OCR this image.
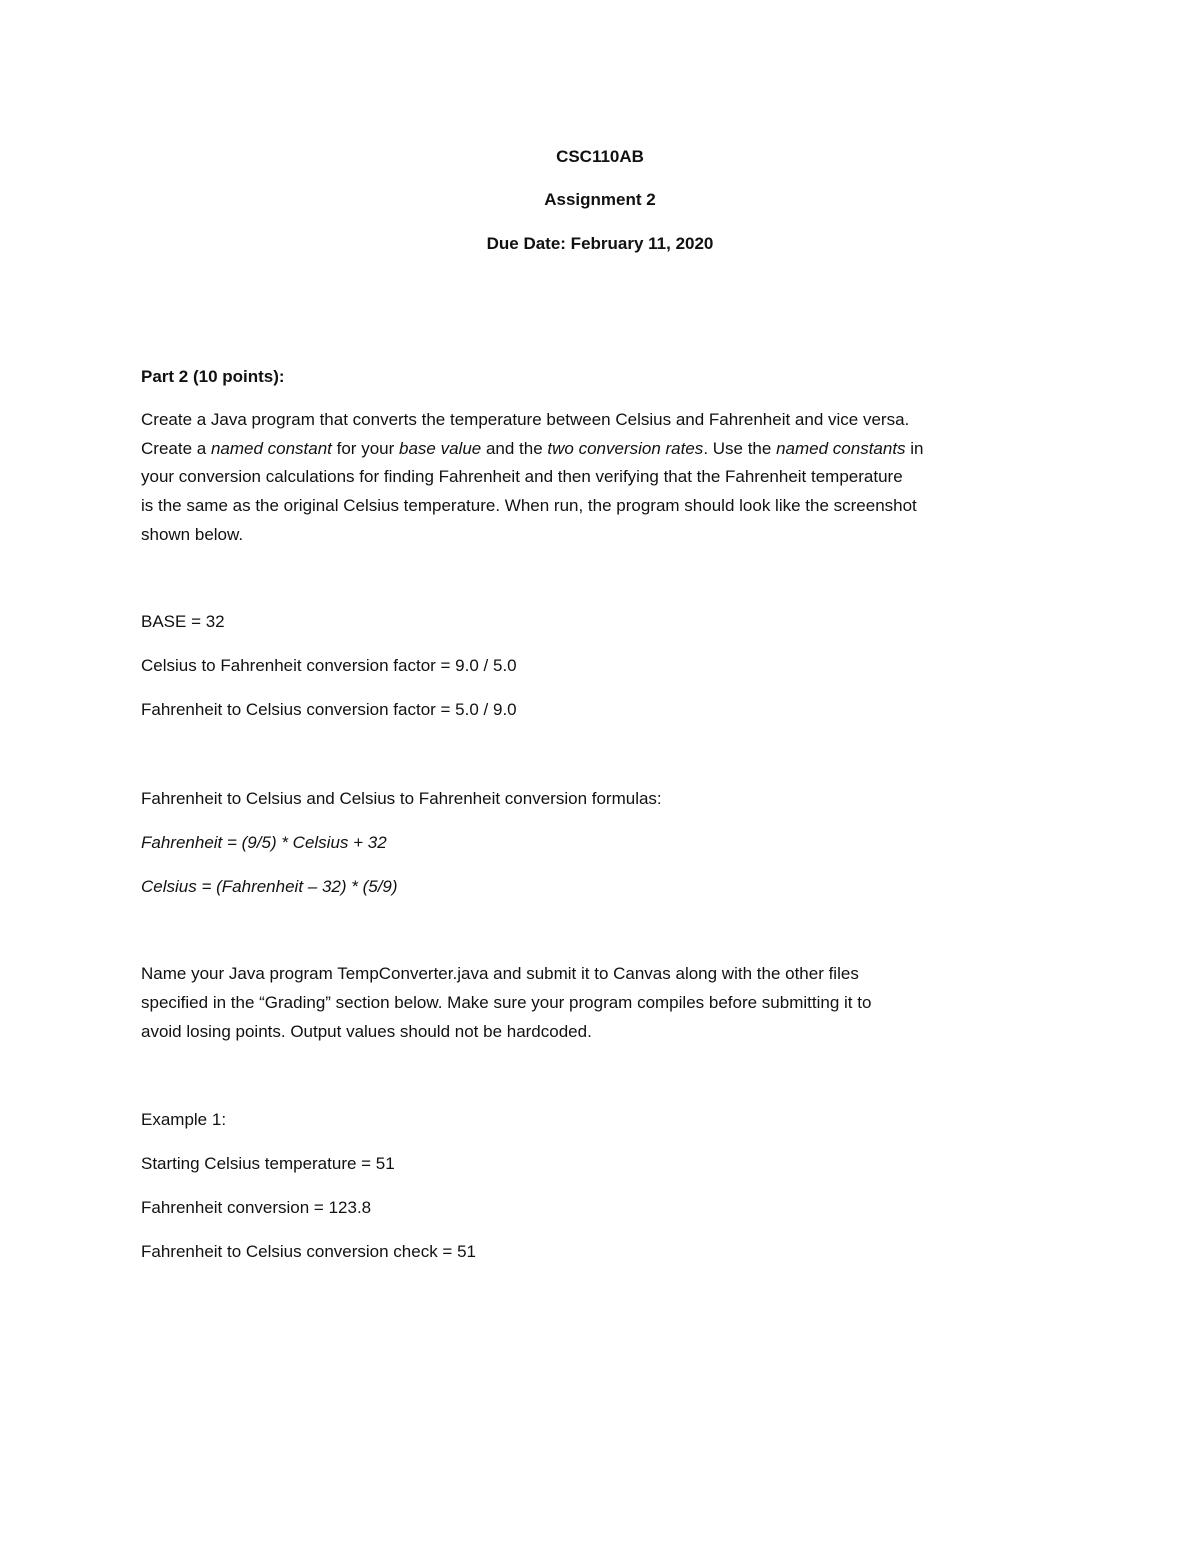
CSC110AB
Assignment 2
Due Date: February 11, 2020
Part 2 (10 points):
Create a Java program that converts the temperature between Celsius and Fahrenheit and vice versa.
Create a named constant for your base value and the two conversion rates. Use the named constants in
your conversion calculations for finding Fahrenheit and then verifying that the Fahrenheit temperature
is the same as the original Celsius temperature. When run, the program should look like the screenshot
shown below.
BASE = 32
Celsius to Fahrenheit conversion factor = 9.0 / 5.0
Fahrenheit to Celsius conversion factor = 5.0 / 9.0
Fahrenheit to Celsius and Celsius to Fahrenheit conversion formulas:
Fahrenheit = (9/5) * Celsius + 32
Celsius = (Fahrenheit – 32) * (5/9)
Name your Java program TempConverter.java and submit it to Canvas along with the other files
specified in the “Grading” section below. Make sure your program compiles before submitting it to
avoid losing points. Output values should not be hardcoded.
Example 1:
Starting Celsius temperature = 51
Fahrenheit conversion = 123.8
Fahrenheit to Celsius conversion check = 51
